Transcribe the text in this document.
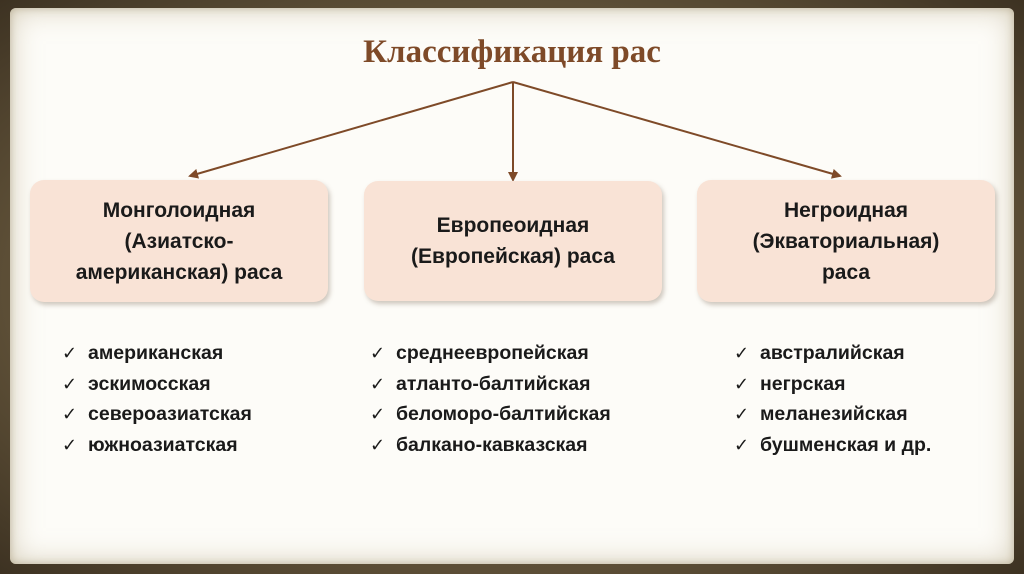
Классификация рас
Монголоидная
(Азиатско-
американская) раса
Европеоидная
(Европейская) раса
Негроидная
(Экваториальная)
раса
✓ американская
✓ эскимосская
✓ североазиатская
✓ южноазиатская
✓ среднеевропейская
✓ атланто-балтийская
✓ беломоро-балтийская
✓ балкано-кавказская
✓ австралийская
✓ негрская
✓ меланезийская
✓ бушменская и др.
